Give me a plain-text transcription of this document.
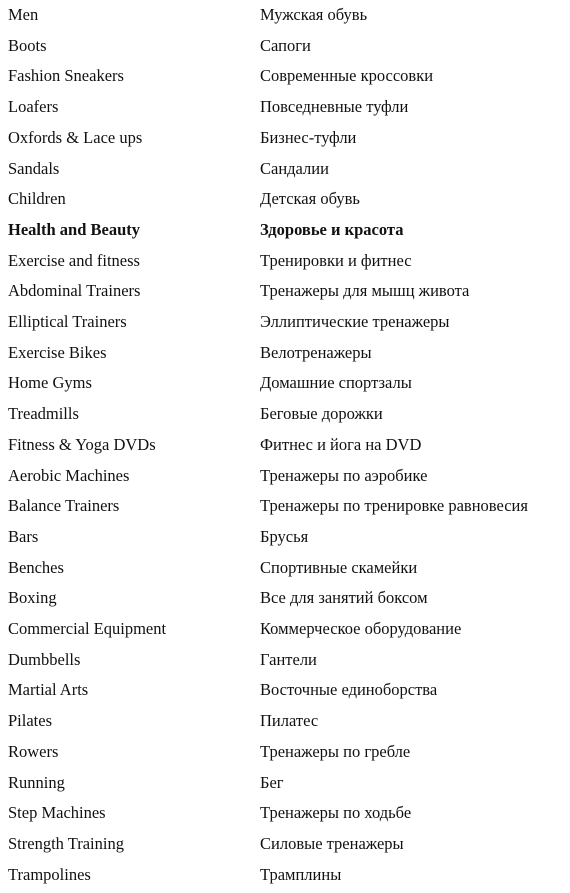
Men	Мужская обувь
Boots	Сапоги
Fashion Sneakers	Современные кроссовки
Loafers	Повседневные туфли
Oxfords & Lace ups	Бизнес-туфли
Sandals	Сандалии
Children	Детская обувь
Health and Beauty	Здоровье и красота
Exercise and fitness	Тренировки и фитнес
Abdominal Trainers	Тренажеры для мышц живота
Elliptical Trainers	Эллиптические тренажеры
Exercise Bikes	Велотренажеры
Home Gyms	Домашние спортзалы
Treadmills	Беговые дорожки
Fitness & Yoga DVDs	Фитнес и йога на DVD
Aerobic Machines	Тренажеры по аэробике
Balance Trainers	Тренажеры по тренировке равновесия
Bars	Брусья
Benches	Спортивные скамейки
Boxing	Все для занятий боксом
Commercial Equipment	Коммерческое оборудование
Dumbbells	Гантели
Martial Arts	Восточные единоборства
Pilates	Пилатес
Rowers	Тренажеры по гребле
Running	Бег
Step Machines	Тренажеры по ходьбе
Strength Training	Силовые тренажеры
Trampolines	Трамплины
